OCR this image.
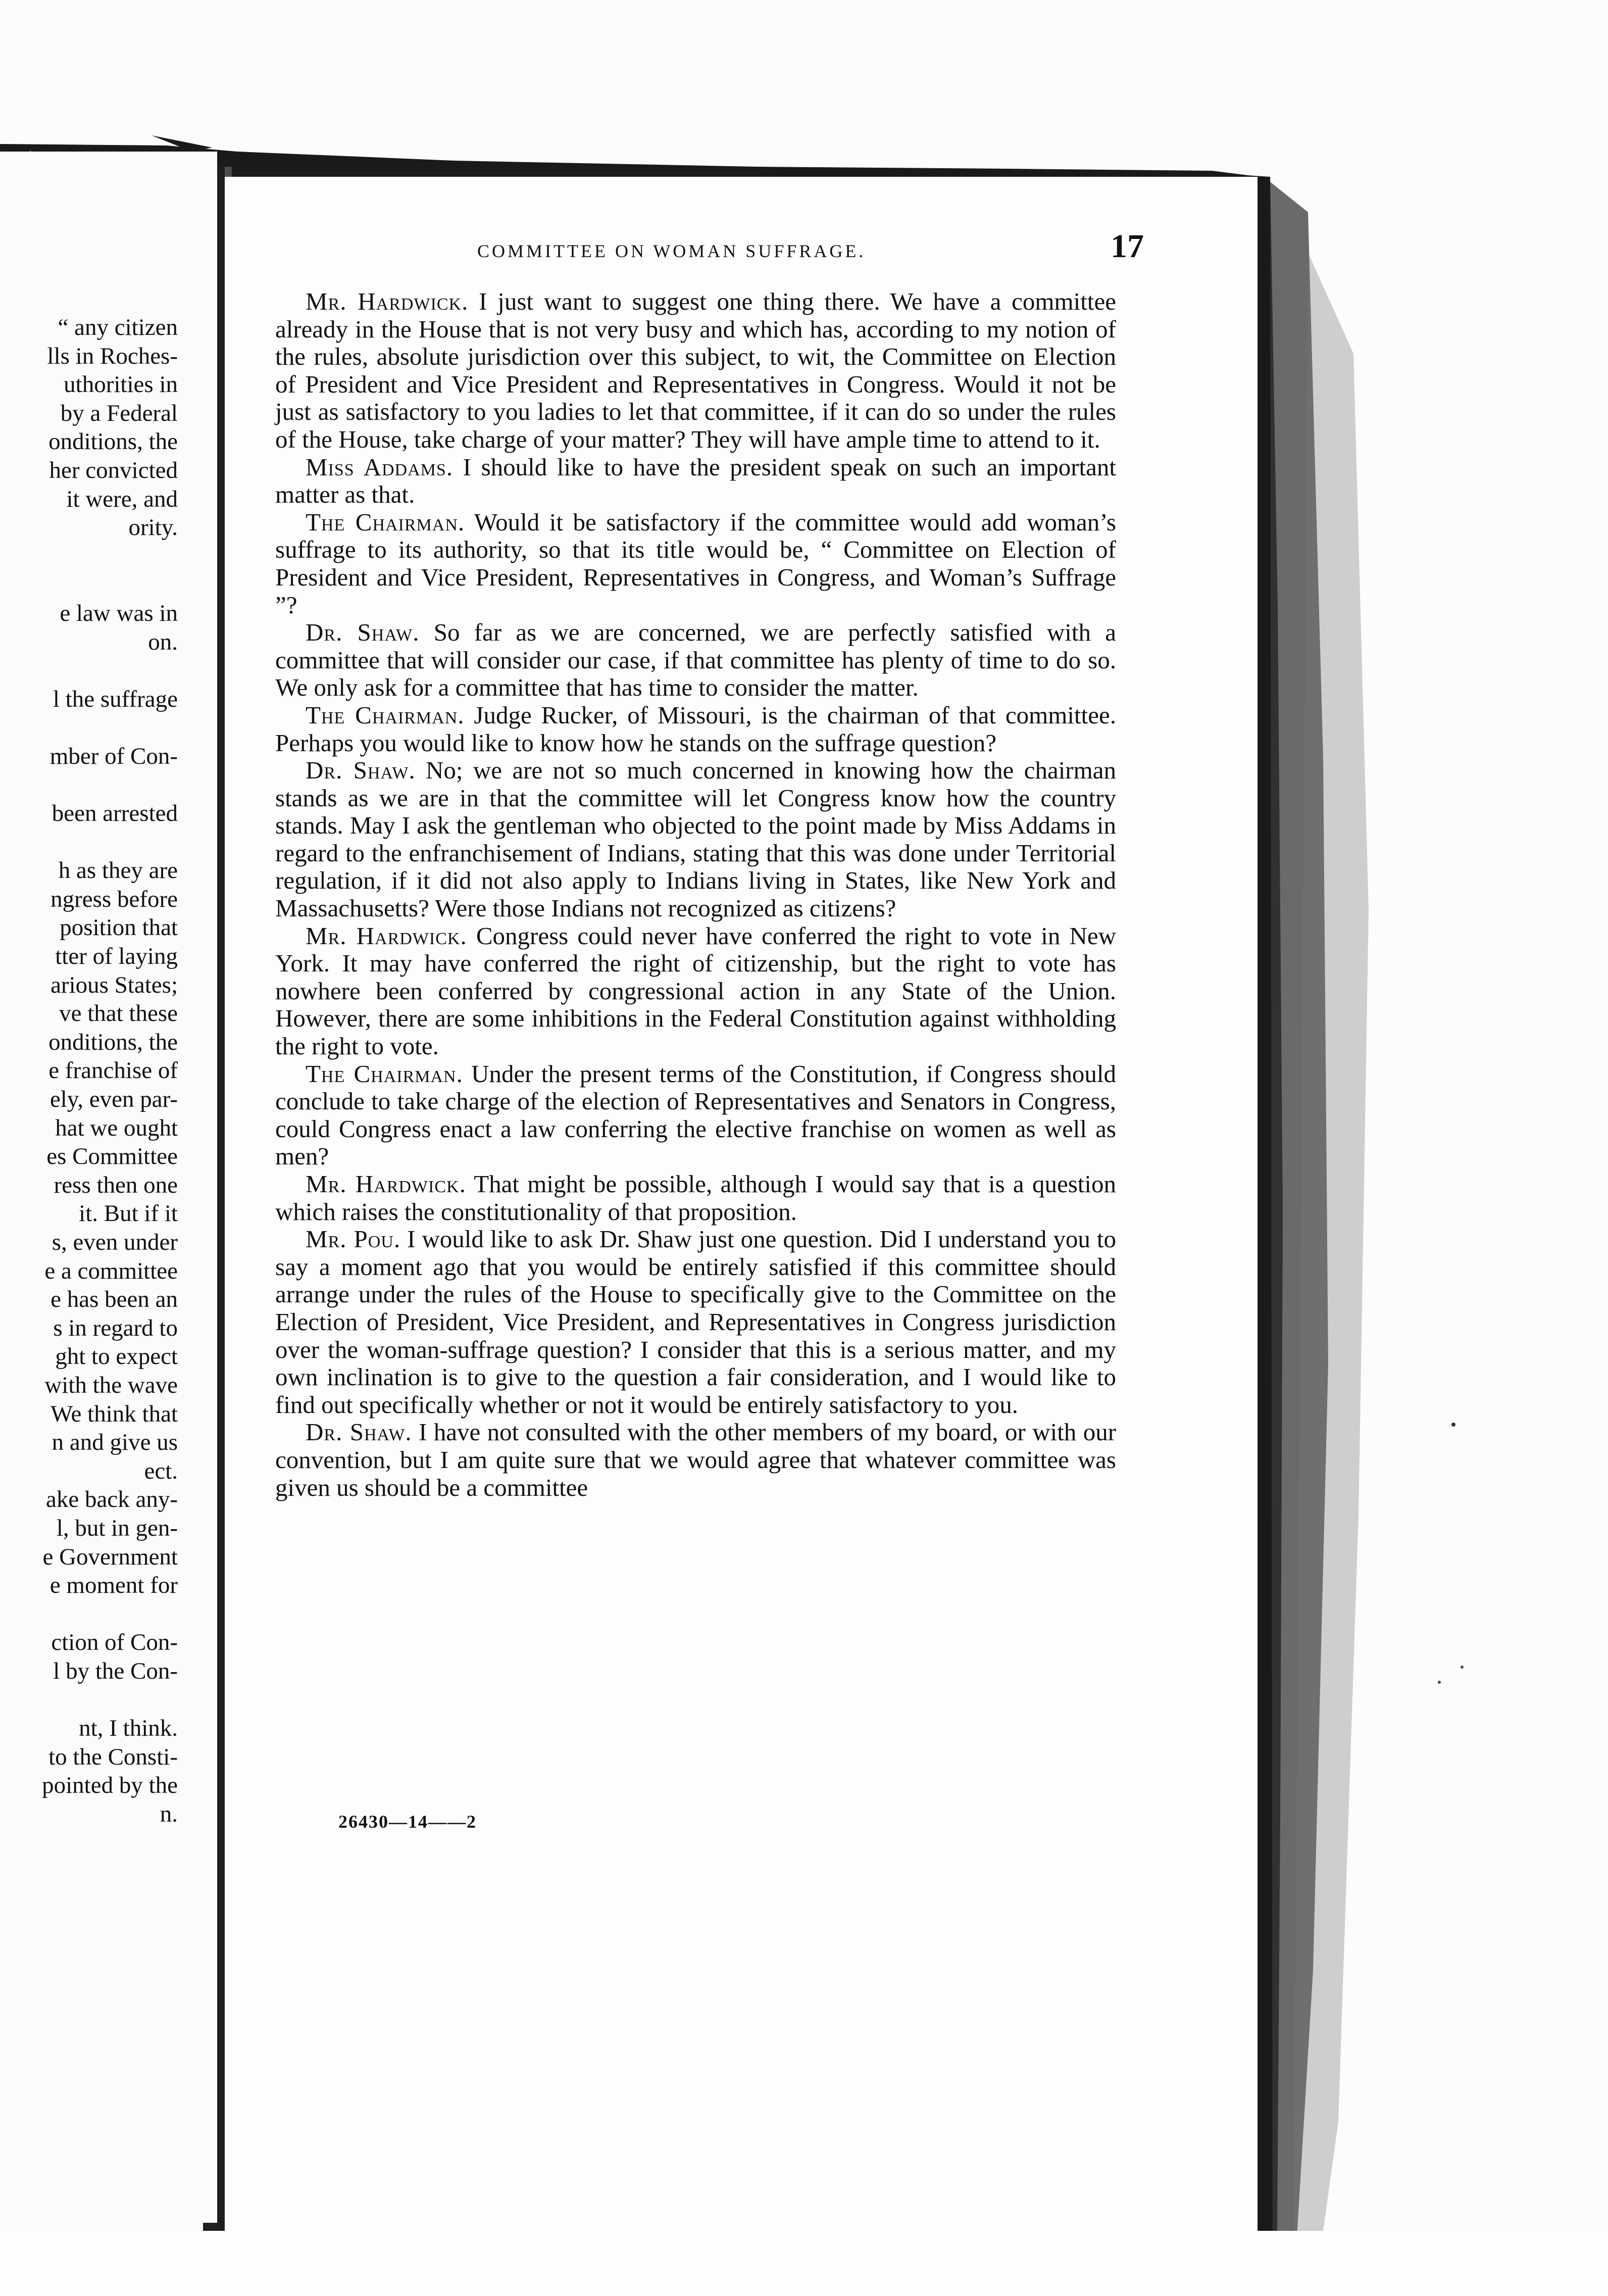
“ any citizen
lls in Roches-
uthorities in
by a Federal
onditions, the
her convicted
it were, and
ority.
e law was in
on.
l the suffrage
mber of Con-
been arrested
h as they are
ngress before
position that
tter of laying
arious States;
ve that these
onditions, the
e franchise of
ely, even par-
hat we ought
es Committee
ress then one
it. But if it
s, even under
e a committee
e has been an
s in regard to
ght to expect
with the wave
We think that
n and give us
ect.
ake back any-
l, but in gen-
e Government
e moment for
ction of Con-
l by the Con-
nt, I think.
to the Consti-
pointed by the
n.
COMMITTEE ON WOMAN SUFFRAGE.	17

Mr. Hardwick. I just want to suggest one thing there. We have a committee already in the House that is not very busy and which has, according to my notion of the rules, absolute jurisdiction over this subject, to wit, the Committee on Election of President and Vice President and Representatives in Congress. Would it not be just as satisfactory to you ladies to let that committee, if it can do so under the rules of the House, take charge of your matter? They will have ample time to attend to it.

Miss Addams. I should like to have the president speak on such an important matter as that.

The Chairman. Would it be satisfactory if the committee would add woman’s suffrage to its authority, so that its title would be, “ Committee on Election of President and Vice President, Representatives in Congress, and Woman’s Suffrage ”?

Dr. Shaw. So far as we are concerned, we are perfectly satisfied with a committee that will consider our case, if that committee has plenty of time to do so. We only ask for a committee that has time to consider the matter.

The Chairman. Judge Rucker, of Missouri, is the chairman of that committee. Perhaps you would like to know how he stands on the suffrage question?

Dr. Shaw. No; we are not so much concerned in knowing how the chairman stands as we are in that the committee will let Congress know how the country stands. May I ask the gentleman who objected to the point made by Miss Addams in regard to the enfranchisement of Indians, stating that this was done under Territorial regulation, if it did not also apply to Indians living in States, like New York and Massachusetts? Were those Indians not recognized as citizens?

Mr. Hardwick. Congress could never have conferred the right to vote in New York. It may have conferred the right of citizenship, but the right to vote has nowhere been conferred by congressional action in any State of the Union. However, there are some inhibitions in the Federal Constitution against withholding the right to vote.

The Chairman. Under the present terms of the Constitution, if Congress should conclude to take charge of the election of Representatives and Senators in Congress, could Congress enact a law conferring the elective franchise on women as well as men?

Mr. Hardwick. That might be possible, although I would say that is a question which raises the constitutionality of that proposition.

Mr. Pou. I would like to ask Dr. Shaw just one question. Did I understand you to say a moment ago that you would be entirely satisfied if this committee should arrange under the rules of the House to specifically give to the Committee on the Election of President, Vice President, and Representatives in Congress jurisdiction over the woman-suffrage question? I consider that this is a serious matter, and my own inclination is to give to the question a fair consideration, and I would like to find out specifically whether or not it would be entirely satisfactory to you.

Dr. Shaw. I have not consulted with the other members of my board, or with our convention, but I am quite sure that we would agree that whatever committee was given us should be a committee

26430—14——2
